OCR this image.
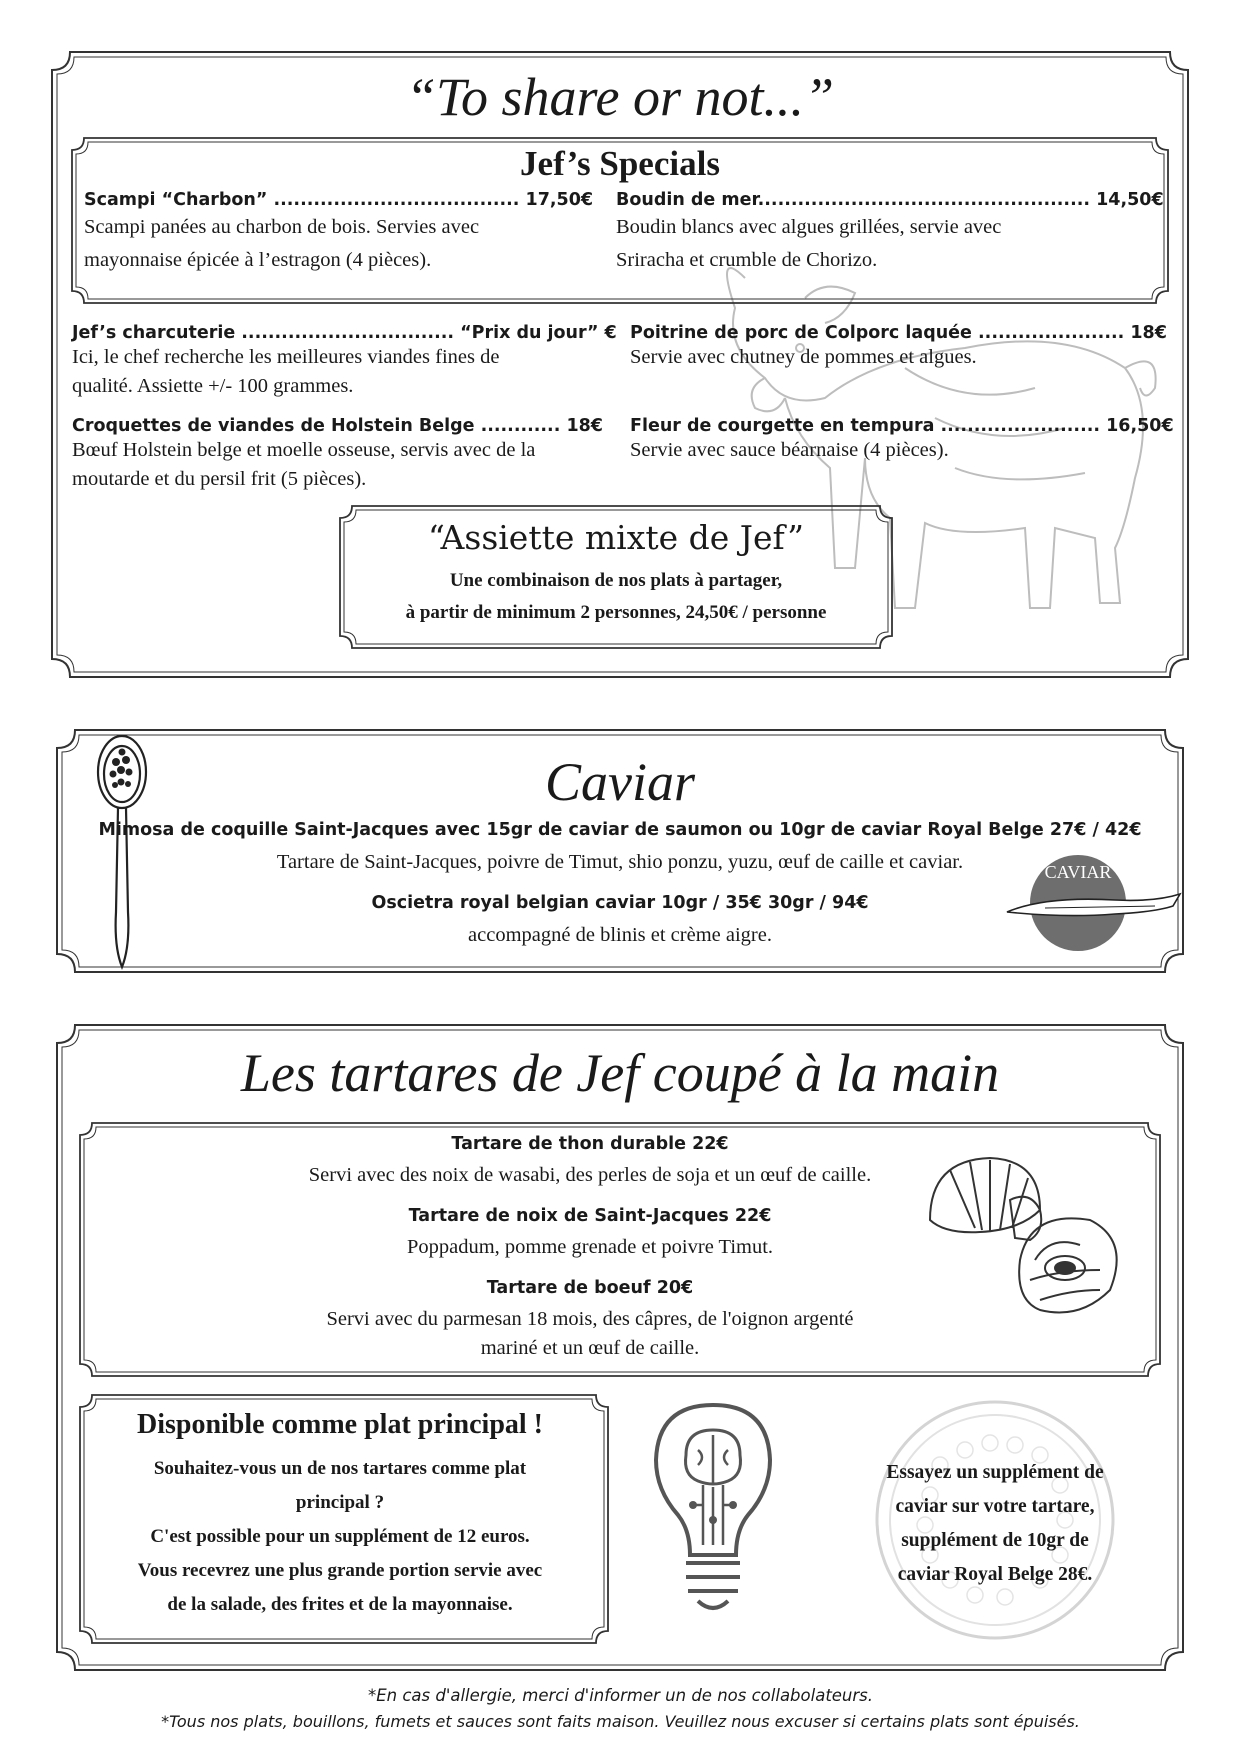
“To share or not...”
Jef’s Specials
Scampi “Charbon” ..................................... 17,50€
Scampi panées au charbon de bois. Servies avec
mayonnaise épicée à l’estragon (4 pièces).
Boudin de mer.................................................. 14,50€
Boudin blancs avec algues grillées, servie avec
Sriracha et crumble de Chorizo.
Jef’s charcuterie ................................ “Prix du jour” €
Ici, le chef recherche les meilleures viandes fines de
qualité. Assiette +/- 100 grammes.
Poitrine de porc de Colporc laquée ...................... 18€
Servie avec chutney de pommes et algues.
Croquettes de viandes de Holstein Belge ............ 18€
Bœuf Holstein belge et moelle osseuse, servis avec de la
moutarde et du persil frit (5 pièces).
Fleur de courgette en tempura ........................ 16,50€
Servie avec sauce béarnaise (4 pièces).
“Assiette mixte de Jef”
Une combinaison de nos plats à partager,
à partir de minimum 2 personnes, 24,50€ / personne
Caviar
Mimosa de coquille Saint-Jacques avec 15gr de caviar de saumon ou 10gr de caviar Royal Belge 27€ / 42€
Tartare de Saint-Jacques, poivre de Timut, shio ponzu, yuzu, œuf de caille et caviar.
Oscietra royal belgian caviar 10gr / 35€ 30gr / 94€
accompagné de blinis et crème aigre.
CAVIAR
Les tartares de Jef coupé à la main
Tartare de thon durable 22€
Servi avec des noix de wasabi, des perles de soja et un œuf de caille.
Tartare de noix de Saint-Jacques 22€
Poppadum, pomme grenade et poivre Timut.
Tartare de boeuf 20€
Servi avec du parmesan 18 mois, des câpres, de l'oignon argenté
mariné et un œuf de caille.
Disponible comme plat principal !
Souhaitez-vous un de nos tartares comme plat
principal ?
C'est possible pour un supplément de 12 euros.
Vous recevrez une plus grande portion servie avec
de la salade, des frites et de la mayonnaise.
Essayez un supplément de
caviar sur votre tartare,
supplément de 10gr de
caviar Royal Belge 28€.
*En cas d'allergie, merci d'informer un de nos collabolateurs.
*Tous nos plats, bouillons, fumets et sauces sont faits maison. Veuillez nous excuser si certains plats sont épuisés.
